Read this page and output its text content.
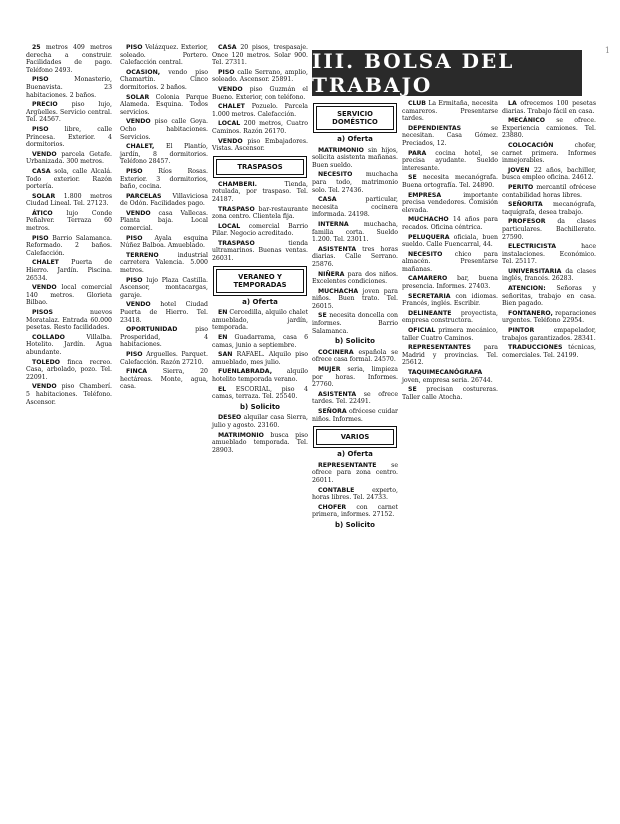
25 metros 409 metros derecha a construir. Facilidades de pago. Teléfono 2493.

PISO Monasterio, Buenavista. 23 habitaciones. 2 baños.

PRECIO piso lujo, Argüelles. Servicio central. Tel. 24567.

PISO libre, calle Princesa. Exterior. 4 dormitorios.

VENDO parcela Getafe. Urbanizada. 300 metros.

CASA sola, calle Alcalá. Todo exterior. Razón portería.

SOLAR 1.800 metros Ciudad Lineal. Tel. 27123.

ÁTICO lujo Conde Peñalver. Terraza 60 metros.

PISO Barrio Salamanca. Reformado. 2 baños. Calefacción.

CHALET Puerta de Hierro. Jardín. Piscina. 26534.

VENDO local comercial 140 metros. Glorieta Bilbao.

PISOS nuevos Moratalaz. Entrada 60.000 pesetas. Resto facilidades.

COLLADO Villalba. Hotelito. Jardín. Agua abundante.

TOLEDO finca recreo. Casa, arbolado, pozo. Tel. 22091.

VENDO piso Chamberí. 5 habitaciones. Teléfono. Ascensor.

PISO Velázquez. Exterior, soleado. Portero. Calefacción central.

OCASION, vendo piso Chamartín. Cinco dormitorios. 2 baños.

SOLAR Colonia Parque Alameda. Esquina. Todos servicios.

VENDO piso calle Goya. Ocho habitaciones. Servicios.

CHALET, El Plantío, jardín, 8 dormitorios. Teléfono 28457.

PISO Ríos Rosas. Exterior. 3 dormitorios, baño, cocina.

PARCELAS Villaviciosa de Odón. Facilidades pago.

VENDO casa Vallecas. Planta baja. Local comercial.

PISO Ayala esquina Núñez Balboa. Amueblado.

TERRENO industrial carretera Valencia. 5.000 metros.

PISO lujo Plaza Castilla. Ascensor, montacargas, garaje.

VENDO hotel Ciudad Puerta de Hierro. Tel. 23418.

OPORTUNIDAD piso Prosperidad, 4 habitaciones.

PISO Arguelles. Parquet. Calefacción. Razón 27210.

FINCA Sierra, 20 hectáreas. Monte, agua, casa.

CASA 20 pisos, trespasaje. Once 120 metros. Solar 900. Tel. 27311.

PISO calle Serrano, amplio, soleado. Ascensor. 25891.

VENDO piso Guzmán el Bueno. Exterior, con teléfono.

CHALET Pozuelo. Parcela 1.000 metros. Calefacción.

LOCAL 200 metros, Cuatro Caminos. Razón 26170.

VENDO piso Embajadores. Vistas. Ascensor.

TRASPASOS

CHAMBERI. Tienda, rotulada, por traspaso. Tel. 24187.

TRASPASO bar-restaurante zona centro. Clientela fija.

LOCAL comercial Barrio Pilar. Negocio acreditado.

TRASPASO tienda ultramarinos. Buenas ventas. 26031.

VERANEO Y TEMPORADAS
a) Oferta

EN Cercedilla, alquilo chalet amueblado, jardín, temporada.

EN Guadarrama, casa 6 camas, junio a septiembre.

SAN RAFAEL. Alquilo piso amueblado, mes julio.

FUENLABRADA, alquilo hotelito temporada verano.

EL ESCORIAL, piso 4 camas, terraza. Tel. 25540.

b) Solicito

DESEO alquilar casa Sierra, julio y agosto. 23160.

MATRIMONIO busca piso amueblado temporada. Tel. 28903.

III. BOLSA DEL TRABAJO
SERVICIO DOMÉSTICO
a) Oferta

MATRIMONIO sin hijos, solicita asistenta mañanas. Buen sueldo.

NECESITO muchacha para todo, matrimonio solo. Tel. 27436.

CASA particular, necesita cocinera informada. 24198.

INTERNA muchacha, familia corta. Sueldo 1.200. Tel. 23011.

ASISTENTA tres horas diarias. Calle Serrano. 25876.

NIÑERA para dos niños. Excelentes condiciones.

MUCHACHA joven para niños. Buen trato. Tel. 26015.

SE necesita doncella con informes. Barrio Salamanca.

b) Solicito

COCINERA española se ofrece casa formal. 24570.

MUJER seria, limpieza por horas. Informes. 27760.

ASISTENTA se ofrece tardes. Tel. 22491.

SEÑORA ofrécese cuidar niños. Informes.

VARIOS
a) Oferta

REPRESENTANTE se ofrece para zona centro. 26011.

CONTABLE experto, horas libres. Tel. 24733.

CHOFER con carnet primera, informes. 27152.

b) Solicito

CLUB La Ermitaña, necesita camareros. Presentarse tardes.

DEPENDIENTAS se necesitan. Casa Gómez. Preciados, 12.

PARA cocina hotel, se precisa ayudante. Sueldo interesante.

SE necesita mecanógrafa. Buena ortografía. Tel. 24890.

EMPRESA importante precisa vendedores. Comisión elevada.

MUCHACHO 14 años para recados. Oficina céntrica.

PELUQUERA oficiala, buen sueldo. Calle Fuencarral, 44.

NECESITO chico para almacén. Presentarse mañanas.

CAMARERO bar, buena presencia. Informes. 27403.

SECRETARIA con idiomas. Francés, inglés. Escribir.

DELINEANTE proyectista, empresa constructora.

OFICIAL primera mecánico, taller Cuatro Caminos.

REPRESENTANTES para Madrid y provincias. Tel. 25612.

TAQUIMECANÓGRAFA joven, empresa seria. 26744.

SE precisan costureras. Taller calle Atocha.

LA ofrecemos 100 pesetas diarias. Trabajo fácil en casa.

MECÁNICO se ofrece. Experiencia camiones. Tel. 23880.

COLOCACIÓN chofer, carnet primera. Informes inmejorables.

JOVEN 22 años, bachiller, busca empleo oficina. 24612.

PERITO mercantil ofrécese contabilidad horas libres.

SEÑORITA mecanógrafa, taquígrafa, desea trabajo.

PROFESOR da clases particulares. Bachillerato. 27590.

ELECTRICISTA hace instalaciones. Económico. Tel. 25117.

UNIVERSITARIA da clases inglés, francés. 26283.

ATENCION: Señoras y señoritas, trabajo en casa. Bien pagado.

FONTANERO, reparaciones urgentes. Teléfono 22954.

PINTOR empapelador, trabajos garantizados. 28341.

TRADUCCIONES técnicas, comerciales. Tel. 24199.

1
